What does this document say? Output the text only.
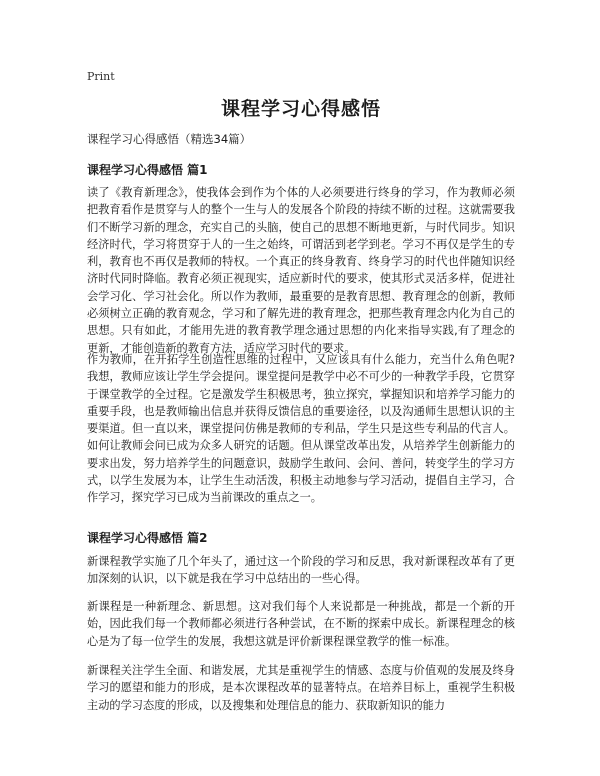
Print
课程学习心得感悟
课程学习心得感悟（精选34篇）
课程学习心得感悟 篇1
读了《教育新理念》，使我体会到作为个体的人必须要进行终身的学习，作为教师必须把教育看作是贯穿与人的整个一生与人的发展各个阶段的持续不断的过程。这就需要我们不断学习新的理念，充实自己的头脑，使自己的思想不断地更新，与时代同步。知识经济时代，学习将贯穿于人的一生之始终，可谓活到老学到老。学习不再仅是学生的专利，教育也不再仅是教师的特权。一个真正的终身教育、终身学习的时代也伴随知识经济时代同时降临。教育必须正视现实，适应新时代的要求，使其形式灵活多样，促进社会学习化、学习社会化。所以作为教师，最重要的是教育思想、教育理念的创新，教师必须树立正确的教育观念，学习和了解先进的教育理念，把那些教育理念内化为自己的思想。只有如此，才能用先进的教育教学理念通过思想的内化来指导实践,有了理念的更新，才能创造新的教育方法，适应学习时代的要求。
作为教师，在开拓学生创造性思维的过程中，又应该具有什么能力，充当什么角色呢?我想，教师应该让学生学会提问。课堂提问是教学中必不可少的一种教学手段，它贯穿于课堂教学的全过程。它是激发学生积极思考，独立探究，掌握知识和培养学习能力的重要手段，也是教师输出信息并获得反馈信息的重要途径，以及沟通师生思想认识的主要渠道。但一直以来，课堂提问仿佛是教师的专利品，学生只是这些专利品的代言人。如何让教师会问已成为众多人研究的话题。但从课堂改革出发，从培养学生创新能力的要求出发，努力培养学生的问题意识，鼓励学生敢问、会问、善问，转变学生的学习方式，以学生发展为本，让学生生动活泼，积极主动地参与学习活动，提倡自主学习，合作学习，探究学习已成为当前课改的重点之一。
课程学习心得感悟 篇2
新课程教学实施了几个年头了，通过这一个阶段的学习和反思，我对新课程改革有了更加深刻的认识，以下就是我在学习中总结出的一些心得。
新课程是一种新理念、新思想。这对我们每个人来说都是一种挑战，都是一个新的开始，因此我们每一个教师都必须进行各种尝试，在不断的探索中成长。新课程理念的核心是为了每一位学生的发展，我想这就是评价新课程课堂教学的惟一标准。
新课程关注学生全面、和谐发展，尤其是重视学生的情感、态度与价值观的发展及终身学习的愿望和能力的形成，是本次课程改革的显著特点。在培养目标上，重视学生积极主动的学习态度的形成，以及搜集和处理信息的能力、获取新知识的能力
